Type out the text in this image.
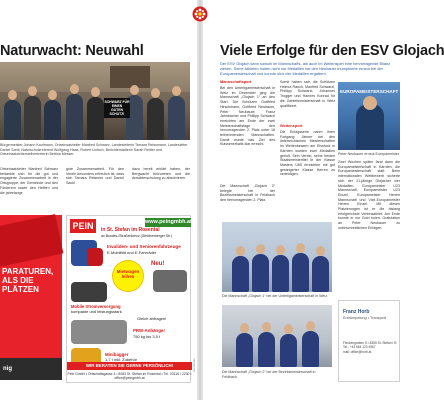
Naturwacht: Neuwahl
SCHWARZ FÜR EINEN
GUTEN
SCHUTZ!
Bürgermeister Johann Kaufmann, Ortseinsatzleiter Manfred Schwarz, Landesleiterin Tamara Reissmann, Landesleiter Daniel Santl, Naturschutzreferent Wolfgang Haas, Robert Lintsch, Berichterstatterin Sarah Reitter und Ortseinsatzleiterstellvertreterin Bettina Messer.
Ortseinsatzleiter Manfred Schwarz bedankte sich für die gut und engagierte Zusammenarbeit in der Ortsgruppe, der Gemeinde und den Förderern sowie den Helfern und die jahrelange
gute Zusammenarbeit. Für den Verein besonders erfreulich ist, dass sich Tamara Reissner und Daniel Sackl
dazu bereit erklärt haben, der Bergwacht beizutreten und die Anwärterschulung zu absolvieren.
PARATUREN, ALS DIE PLÄTZEN
nig
PEIN	www.peingmbh.at
in St. Stefan im Rosental
an Bundes-/Straßenkreuz (Gleichenberger Str.)
Invaliden- und Seniorenfahrzeuge
E-Mobilität und E-Fahrräder
Mietwagen leihen
Neu!
Mobile Stromversorgung
kompakte und leistungsstark
Gleich anfragen!
PRW-Anhänger
750 kg bis 3,5 t
Minibagger
1,7 t inkl. Zubehör
WIR BERATEN SIE GERNE PERSÖNLICH!
Pein GmbH • Ortschaftsgasse 4 • 8083 St. Stefan im Rosental • Tel. 03116 / 2230 • office@peingmbh.at
Gemeinde
Viele Erfolge für den ESV Glojach
Der ESV Glojach kann sowohl im Mannschafts- als auch im Weitenspiel eine hervorragende Bilanz ziehen. Seine Athleten holten nicht nur Medaillen bei den Neubauer triumphierte erneut bei der Europameisterschaft und konnte sich vier Medaillen ergattern.
Mannschaftsport
Bei den Unterligameisterschaft in Weiz im Dezember ging die Mannschaft „Glojach 1“ an den Start. Die Schützen Gottfried Hirschmann, Gottfried Neubauer, Peter Neubauer, Franz Jahnbacher und Phillipp Schwarzl erreichten am Ende der zwei Meisterschaftstage den hervorragenden 2. Platz unter 16 teilnehmenden Mannschaften. Damit wurde das Ziel des Klassenerhalts klar erreicht.
Die Mannschaft „Glojach 2“ belegte bei der Bezirksmeisterschaft in Feldbach den hervorragenden 2. Platz.
Somit haben sich die Schützen Helmut Rauch, Manfred Schwarzl, Phillipp Schwarzl, Johannes Trogger und Hannes Konrad für die Gebietsmeisterschaft in Weiz qualifiziert.
Weitensport
Die Erfolgsserie nahm ihren Fortgang: Jänner bei den österreichischen Meisterschaften im Weitenbewerb am Eisstock in Kärnten wurden zwei Medaillen geholt. Sein Verein, seine beiden Staatsmeistertitel in der Klasse Masters U65 erreichten mit gut gesteigerter Klasse Herren zu verteidigen.
EUROPAMEISTERSCHAFT
Peter Neubauer erneut Europameister
Zwei Wochen später fand dann die Europameisterschaft in Kärnten, die Europameisterschaft statt. Beim internationalen Wettbewerb sicherte sich der 21-jährige Glojacher vier Medaillen. Europameister U23 Mannschaft, Europameister U23 Einzel, Europameister Herren Mannschaft und Vize-Europameister Herren Einzel. Mit diesen Platzierungen ist er die bislang erfolgreichste Vereinsathlet. Am Ende konnte er nur Gold holen. Gratulation an Peter Neubauer zu unbeschreiblichen Erfolgen.
Die Mannschaft „Glojach 1“ bei der Unterligameisterschaft in Weiz.
Die Mannschaft „Glojach 2“ bei der Bezirksmeisterschaft in Feldbach.
Franz Horb
Entrümpelung • Transport
Fleckengraben 5 • 8355 St. Stefan i.R.
Tel.: +43 664 123 4567
mail: office@horb.at
